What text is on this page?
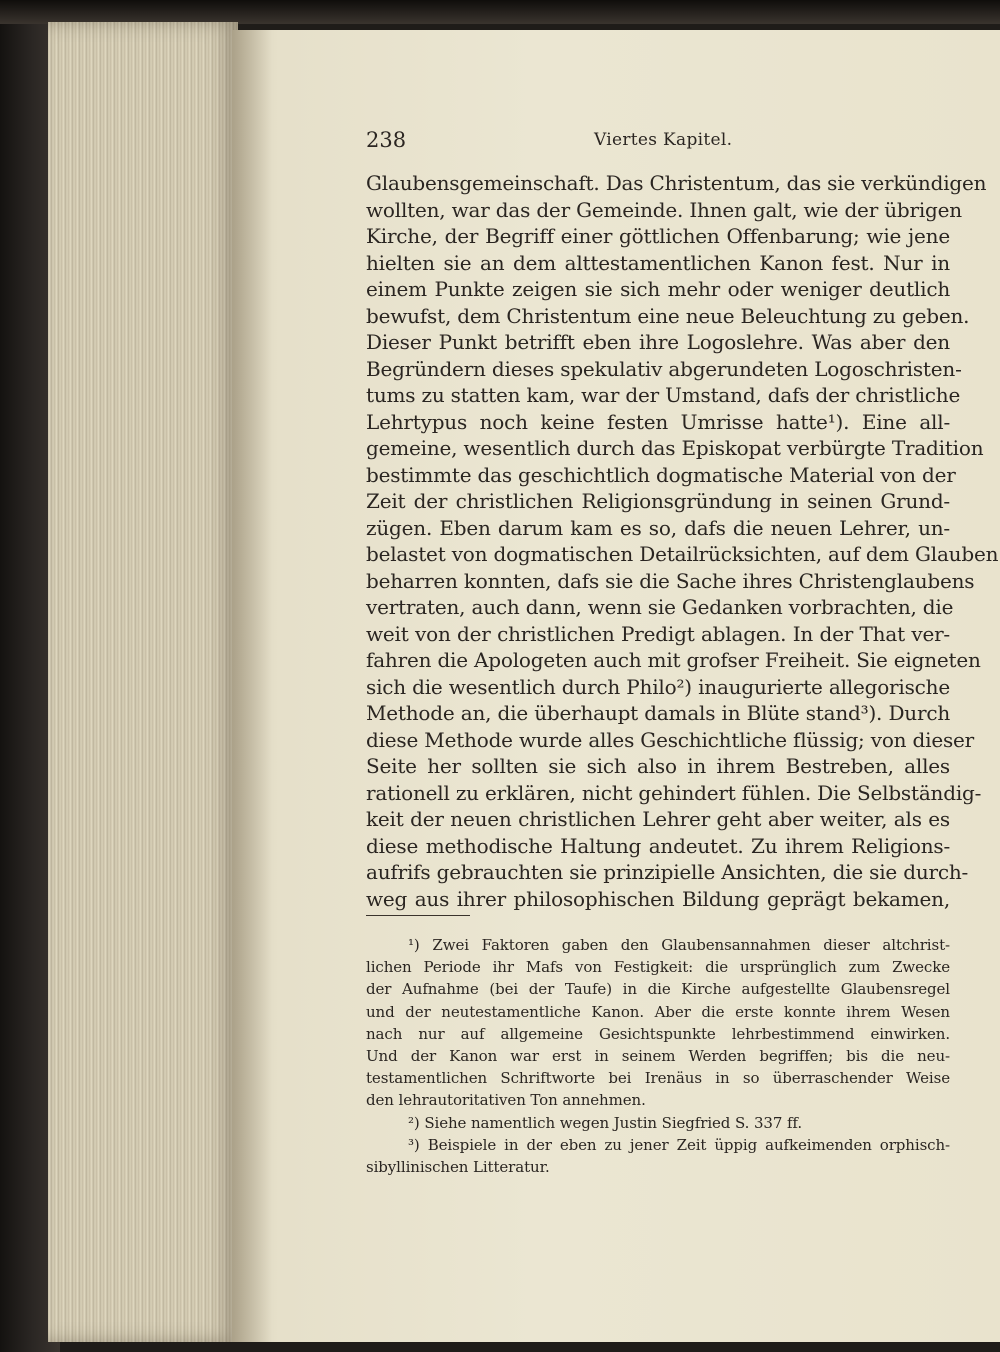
238	Viertes Kapitel.
Glaubensgemeinschaft. Das Christentum, das sie verkündigen
wollten, war das der Gemeinde. Ihnen galt, wie der übrigen
Kirche, der Begriff einer göttlichen Offenbarung; wie jene
hielten sie an dem alttestamentlichen Kanon fest. Nur in
einem Punkte zeigen sie sich mehr oder weniger deutlich
bewufst, dem Christentum eine neue Beleuchtung zu geben.
Dieser Punkt betrifft eben ihre Logoslehre. Was aber den
Begründern dieses spekulativ abgerundeten Logoschristen-
tums zu statten kam, war der Umstand, dafs der christliche
Lehrtypus noch keine festen Umrisse hatte¹). Eine all-
gemeine, wesentlich durch das Episkopat verbürgte Tradition
bestimmte das geschichtlich dogmatische Material von der
Zeit der christlichen Religionsgründung in seinen Grund-
zügen. Eben darum kam es so, dafs die neuen Lehrer, un-
belastet von dogmatischen Detailrücksichten, auf dem Glauben
beharren konnten, dafs sie die Sache ihres Christenglaubens
vertraten, auch dann, wenn sie Gedanken vorbrachten, die
weit von der christlichen Predigt ablagen. In der That ver-
fahren die Apologeten auch mit grofser Freiheit. Sie eigneten
sich die wesentlich durch Philo²) inaugurierte allegorische
Methode an, die überhaupt damals in Blüte stand³). Durch
diese Methode wurde alles Geschichtliche flüssig; von dieser
Seite her sollten sie sich also in ihrem Bestreben, alles
rationell zu erklären, nicht gehindert fühlen. Die Selbständig-
keit der neuen christlichen Lehrer geht aber weiter, als es
diese methodische Haltung andeutet. Zu ihrem Religions-
aufrifs gebrauchten sie prinzipielle Ansichten, die sie durch-
weg aus ihrer philosophischen Bildung geprägt bekamen,
¹) Zwei Faktoren gaben den Glaubensannahmen dieser altchrist-
lichen Periode ihr Mafs von Festigkeit: die ursprünglich zum Zwecke
der Aufnahme (bei der Taufe) in die Kirche aufgestellte Glaubensregel
und der neutestamentliche Kanon. Aber die erste konnte ihrem Wesen
nach nur auf allgemeine Gesichtspunkte lehrbestimmend einwirken.
Und der Kanon war erst in seinem Werden begriffen; bis die neu-
testamentlichen Schriftworte bei Irenäus in so überraschender Weise
den lehrautoritativen Ton annehmen.
²) Siehe namentlich wegen Justin Siegfried S. 337 ff.
³) Beispiele in der eben zu jener Zeit üppig aufkeimenden orphisch-
sibyllinischen Litteratur.
